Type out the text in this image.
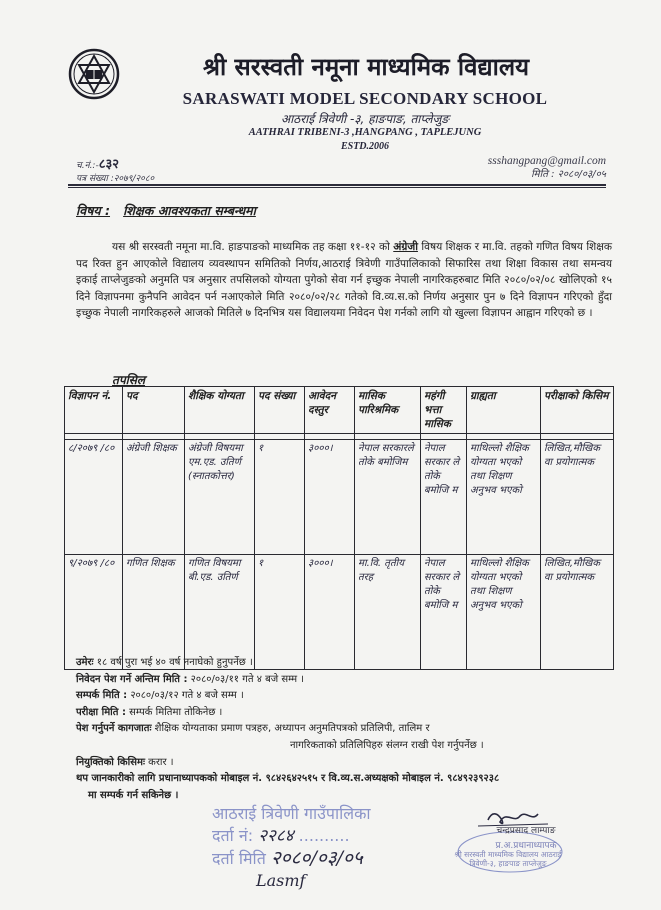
श्री सरस्वती नमूना माध्यमिक विद्यालय
SARASWATI MODEL SECONDARY SCHOOL
आठराई त्रिवेणी -३, हाङपाङ, ताप्लेजुङ
AATHRAI TRIBENI-3 ,HANGPANG , TAPLEJUNG
ESTD.2006
च.नं.:-८३२
पत्र संख्या :२०७९/२०८०
ssshangpang@gmail.com
मिति : २०८०/०३/०५
विषय : शिक्षक आवश्यकता सम्बन्धमा
यस श्री सरस्वती नमूना मा.वि. हाङपाङको माध्यमिक तह कक्षा ११-१२ को अंग्रेजी विषय शिक्षक र मा.वि. तहको गणित विषय शिक्षक पद रिक्त हुन आएकोले विद्यालय व्यवस्थापन समितिको निर्णय,आठराई त्रिवेणी गाउँपालिकाको सिफारिस तथा शिक्षा विकास तथा समन्वय इकाई ताप्लेजुङको अनुमति पत्र अनुसार तपसिलको योग्यता पुगेको सेवा गर्न इच्छुक नेपाली नागरिकहरुबाट मिति २०८०/०२/०८ खोलिएको १५ दिने विज्ञापनमा कुनैपनि आवेदन पर्न नआएकोले मिति २०८०/०२/२८ गतेको वि.व्य.स.को निर्णय अनुसार पुन ७ दिने विज्ञापन गरिएको हुँदा इच्छुक नेपाली नागरिकहरुले आजको मितिले ७ दिनभित्र यस विद्यालयमा निवेदन पेश गर्नको लागि यो खुल्ला विज्ञापन आह्वान गरिएको छ ।
तपसिल
विज्ञापन नं.	पद	शैक्षिक योग्यता	पद संख्या	आवेदन दस्तुर	मासिक पारिश्रमिक	महंगी भत्ता मासिक	ग्राह्यता	परीक्षाको किसिम

८/२०७९ /८०	अंग्रेजी शिक्षक	अंग्रेजी विषयमा एम.एड. उतिर्ण (स्नातकोत्तर)	१	३०००।	नेपाल सरकारले तोके बमोजिम	नेपाल सरकार ले तोके बमोजि म	माथिल्लो शैक्षिक योग्यता भएको तथा शिक्षण अनुभव भएको	लिखित,मौखिक वा प्रयोगात्मक
९/२०७९ /८०	गणित शिक्षक	गणित विषयमा बी.एड. उतिर्ण	१	३०००।	मा.वि. तृतीय तरह	नेपाल सरकार ले तोके बमोजि म	माथिल्लो शैक्षिक योग्यता भएको तथा शिक्षण अनुभव भएको	लिखित,मौखिक वा प्रयोगात्मक
उमेरः १८ वर्ष पुरा भई ४० वर्ष ननाघेको हुनुपर्नेछ ।
निवेदन पेश गर्ने अन्तिम मिति : २०८०/०३/११ गते ४ बजे सम्म ।
सम्पर्क मिति : २०८०/०३/१२ गते ४ बजे सम्म ।
परीक्षा मिति : सम्पर्क मितिमा तोकिनेछ ।
पेश गर्नुपर्ने कागजातः शैक्षिक योग्यताका प्रमाण पत्रहरु, अध्यापन अनुमतिपत्रको प्रतिलिपी, तालिम र
नागरिकताको प्रतिलिपिहरु संलग्न राखी पेश गर्नुपर्नेछ ।
नियुक्तिको किसिमः करार ।
थप जानकारीको लागि प्रधानाध्यापकको मोबाइल नं. ९८४२६४२५१५ र वि.व्य.स.अध्यक्षको मोबाइल नं. ९८४९२३९२३८
मा सम्पर्क गर्न सकिनेछ ।
आठराई त्रिवेणी गाउँपालिका
दर्ता नं: २२८४ ..........
दर्ता मिति २०८०/०३/०५
Lasmf
चन्द्रप्रसाद लाम्पाङ
प्र.अ.प्रधानाध्यापक
श्री सरस्वती माध्यमिक विद्यालय आठराई त्रिवेणी-३, हाङपाङ ताप्लेजुङ
